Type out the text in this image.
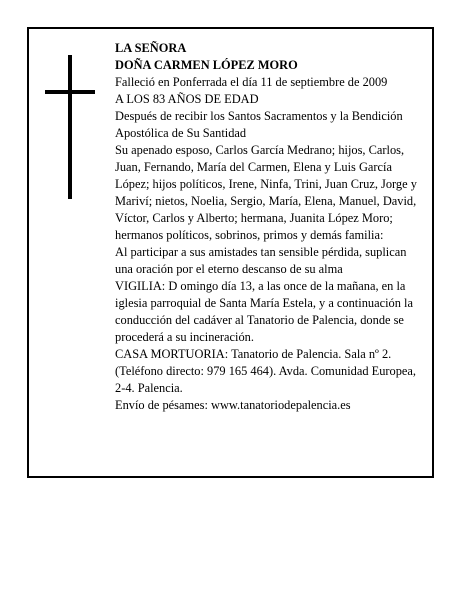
LA SEÑORA

DOÑA CARMEN LÓPEZ MORO

Falleció en Ponferrada el día 11 de septiembre de 2009

A LOS 83 AÑOS DE EDAD

Después de recibir los Santos Sacramentos y la Bendición Apostólica de Su Santidad

Su apenado esposo, Carlos García Medrano; hijos, Carlos, Juan, Fernando, María del Carmen, Elena y Luis García López; hijos políticos, Irene, Ninfa, Trini, Juan Cruz, Jorge y Mariví; nietos, Noelia, Sergio, María, Elena, Manuel, David, Víctor, Carlos y Alberto; hermana, Juanita López Moro; hermanos políticos, sobrinos, primos y demás familia:

Al participar a sus amistades tan sensible pérdida, suplican una oración por el eterno descanso de su alma

VIGILIA: D omingo día 13, a las once de la mañana, en la iglesia parroquial de Santa María Estela, y a continuación la conducción del cadáver al Tanatorio de Palencia, donde se procederá a su incineración.

CASA MORTUORIA: Tanatorio de Palencia. Sala nº 2. (Teléfono directo: 979 165 464). Avda. Comunidad Europea, 2-4. Palencia.

Envío de pésames: www.tanatoriodepalencia.es
